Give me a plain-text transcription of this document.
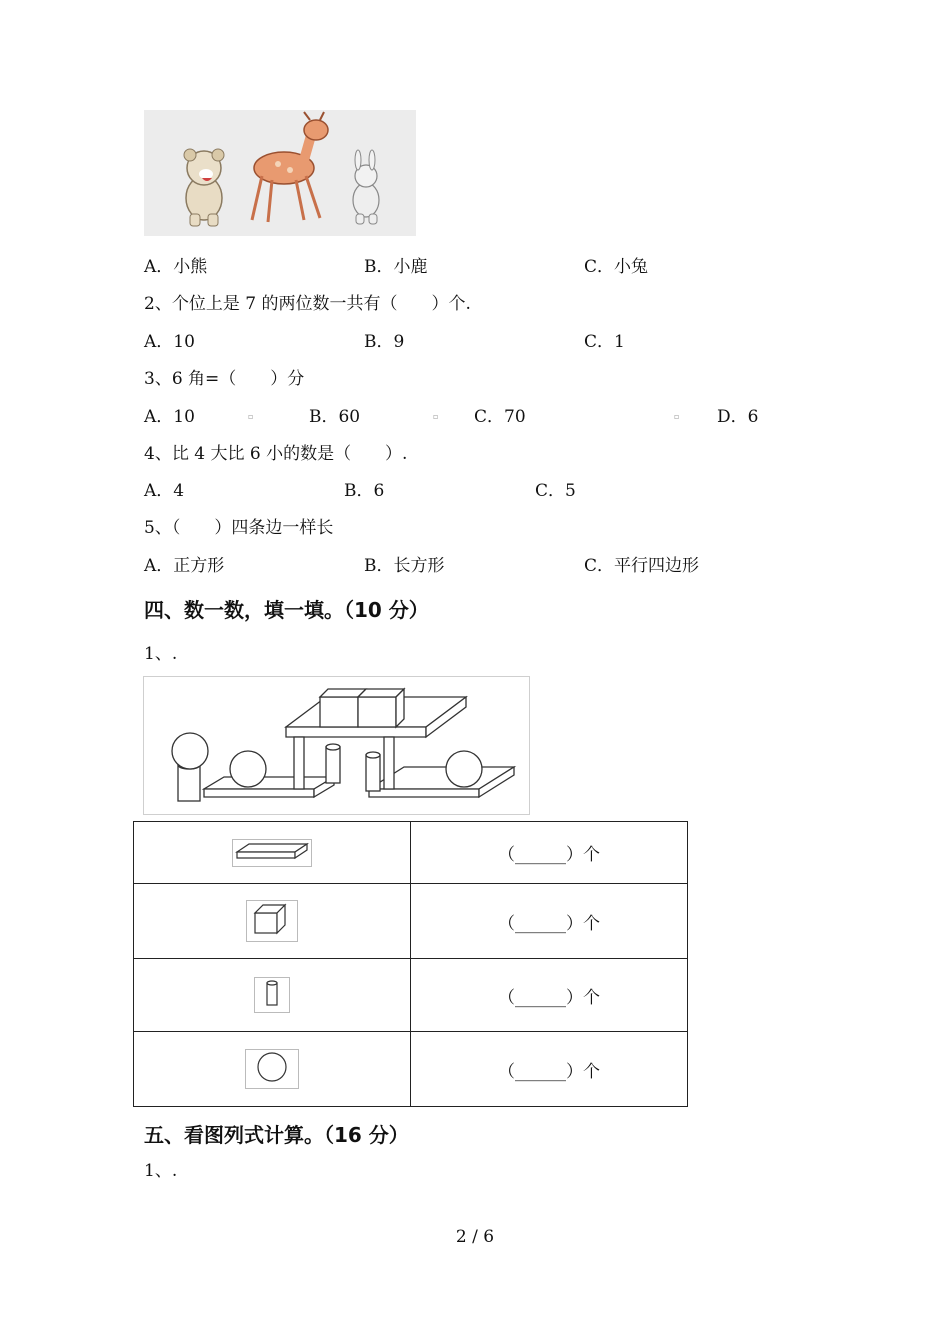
A．小熊	B．小鹿	C．小兔
2、个位上是 7 的两位数一共有（　　）个.
A．10	B．9	C．1
3、6 角=（　　）分
A．10	▫	B．60	▫ C．70	▫ D．6
4、比 4 大比 6 小的数是（　　）.
A．4	B．6	C．5
5、（　　）四条边一样长
A．正方形	B．长方形	C．平行四边形
四、数一数，填一填。（10 分）
1、.
	（______）个
	（______）个
	（______）个
	（______）个
五、看图列式计算。（16 分）
1、.
2 / 6
